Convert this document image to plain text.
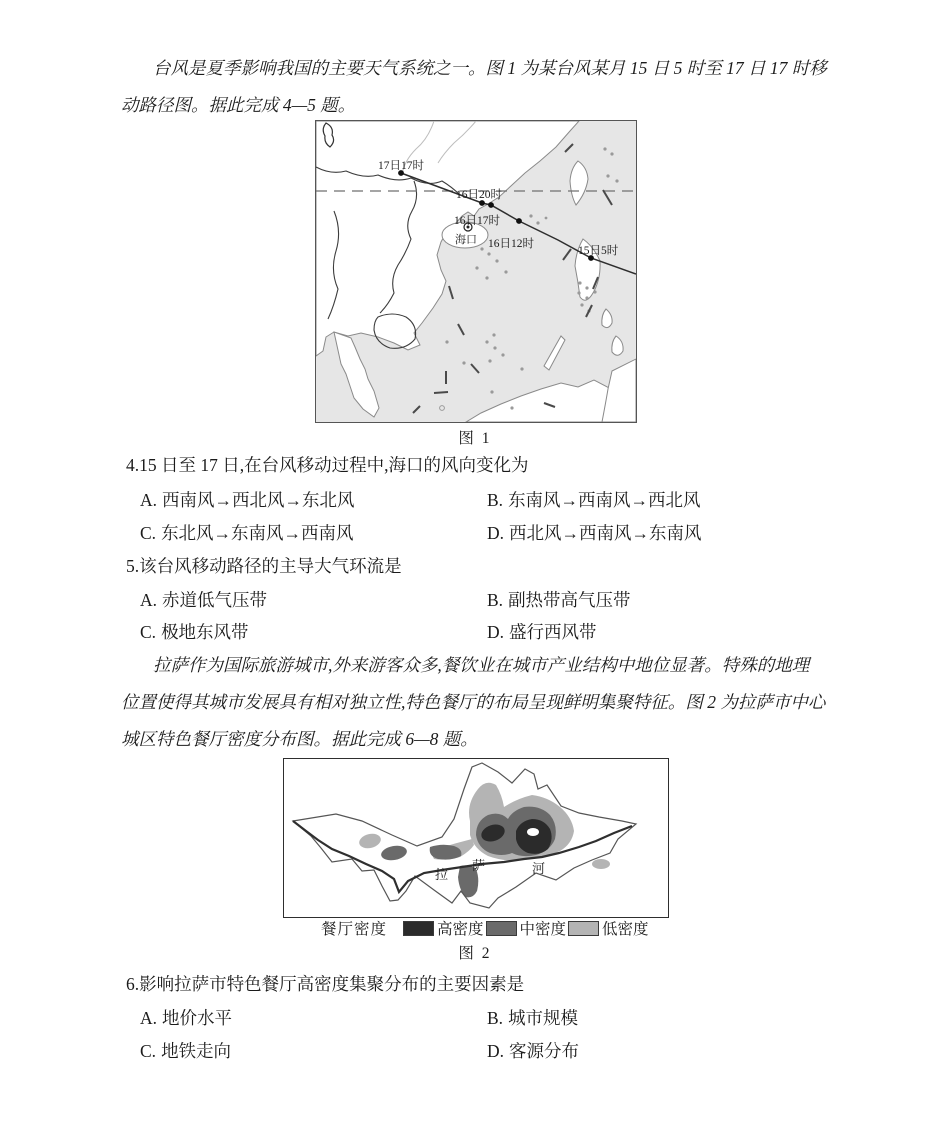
台风是夏季影响我国的主要天气系统之一。图 1 为某台风某月 15 日 5 时至 17 日 17 时移
动路径图。据此完成 4—5 题。
17日17时
16日20时
16日17时
16日12时
15日5时
海口
图 1
4.15 日至 17 日,在台风移动过程中,海口的风向变化为
A. 西南风→西北风→东北风	B. 东南风→西南风→西北风
C. 东北风→东南风→西南风	D. 西北风→西南风→东南风
5.该台风移动路径的主导大气环流是
A. 赤道低气压带	B. 副热带高气压带
C. 极地东风带	D. 盛行西风带
拉萨作为国际旅游城市,外来游客众多,餐饮业在城市产业结构中地位显著。特殊的地理
位置使得其城市发展具有相对独立性,特色餐厅的布局呈现鲜明集聚特征。图 2 为拉萨市中心
城区特色餐厅密度分布图。据此完成 6—8 题。
拉
萨	河
餐厅密度	高密度 中密度 低密度
图 2
6.影响拉萨市特色餐厅高密度集聚分布的主要因素是
A. 地价水平	B. 城市规模
C. 地铁走向	D. 客源分布
